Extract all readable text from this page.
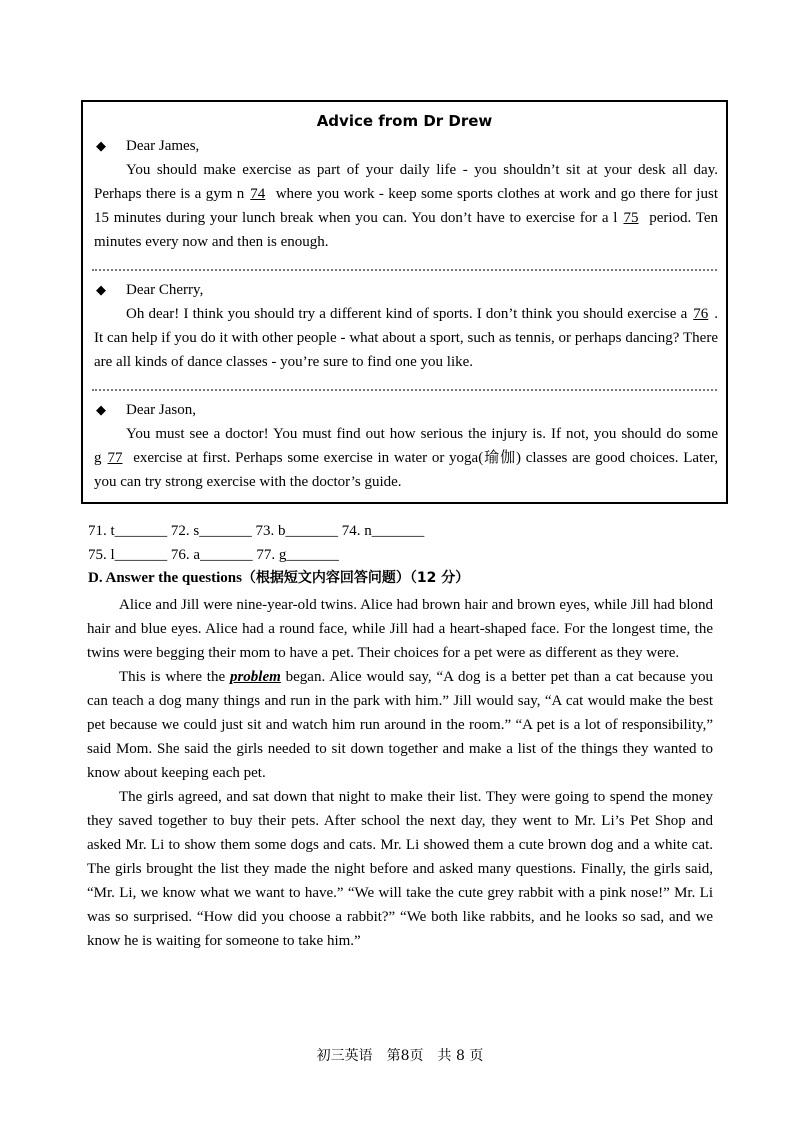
Advice from Dr Drew
◆ Dear James,
You should make exercise as part of your daily life - you shouldn’t sit at your desk all day. Perhaps there is a gym n 74 where you work - keep some sports clothes at work and go there for just 15 minutes during your lunch break when you can. You don’t have to exercise for a l 75 period. Ten minutes every now and then is enough.
◆ Dear Cherry,
Oh dear! I think you should try a different kind of sports. I don’t think you should exercise a 76 . It can help if you do it with other people - what about a sport, such as tennis, or perhaps dancing? There are all kinds of dance classes - you’re sure to find one you like.
◆ Dear Jason,
You must see a doctor! You must find out how serious the injury is. If not, you should do some g 77 exercise at first. Perhaps some exercise in water or yoga(瑜伽) classes are good choices. Later, you can try strong exercise with the doctor’s guide.
71. t_______ 72. s_______ 73. b_______ 74. n_______
75. l_______ 76. a_______ 77. g_______
D. Answer the questions（根据短文内容回答问题）（12 分）

Alice and Jill were nine-year-old twins. Alice had brown hair and brown eyes, while Jill had blond hair and blue eyes. Alice had a round face, while Jill had a heart-shaped face. For the longest time, the twins were begging their mom to have a pet. Their choices for a pet were as different as they were.

This is where the problem began. Alice would say, “A dog is a better pet than a cat because you can teach a dog many things and run in the park with him.” Jill would say, “A cat would make the best pet because we could just sit and watch him run around in the room.” “A pet is a lot of responsibility,” said Mom. She said the girls needed to sit down together and make a list of the things they wanted to know about keeping each pet.

The girls agreed, and sat down that night to make their list. They were going to spend the money they saved together to buy their pets. After school the next day, they went to Mr. Li’s Pet Shop and asked Mr. Li to show them some dogs and cats. Mr. Li showed them a cute brown dog and a white cat. The girls brought the list they made the night before and asked many questions. Finally, the girls said, “Mr. Li, we know what we want to have.” “We will take the cute grey rabbit with a pink nose!” Mr. Li was so surprised. “How did you choose a rabbit?” “We both like rabbits, and he looks so sad, and we know he is waiting for someone to take him.”

初三英语　第8页　共 8 页
